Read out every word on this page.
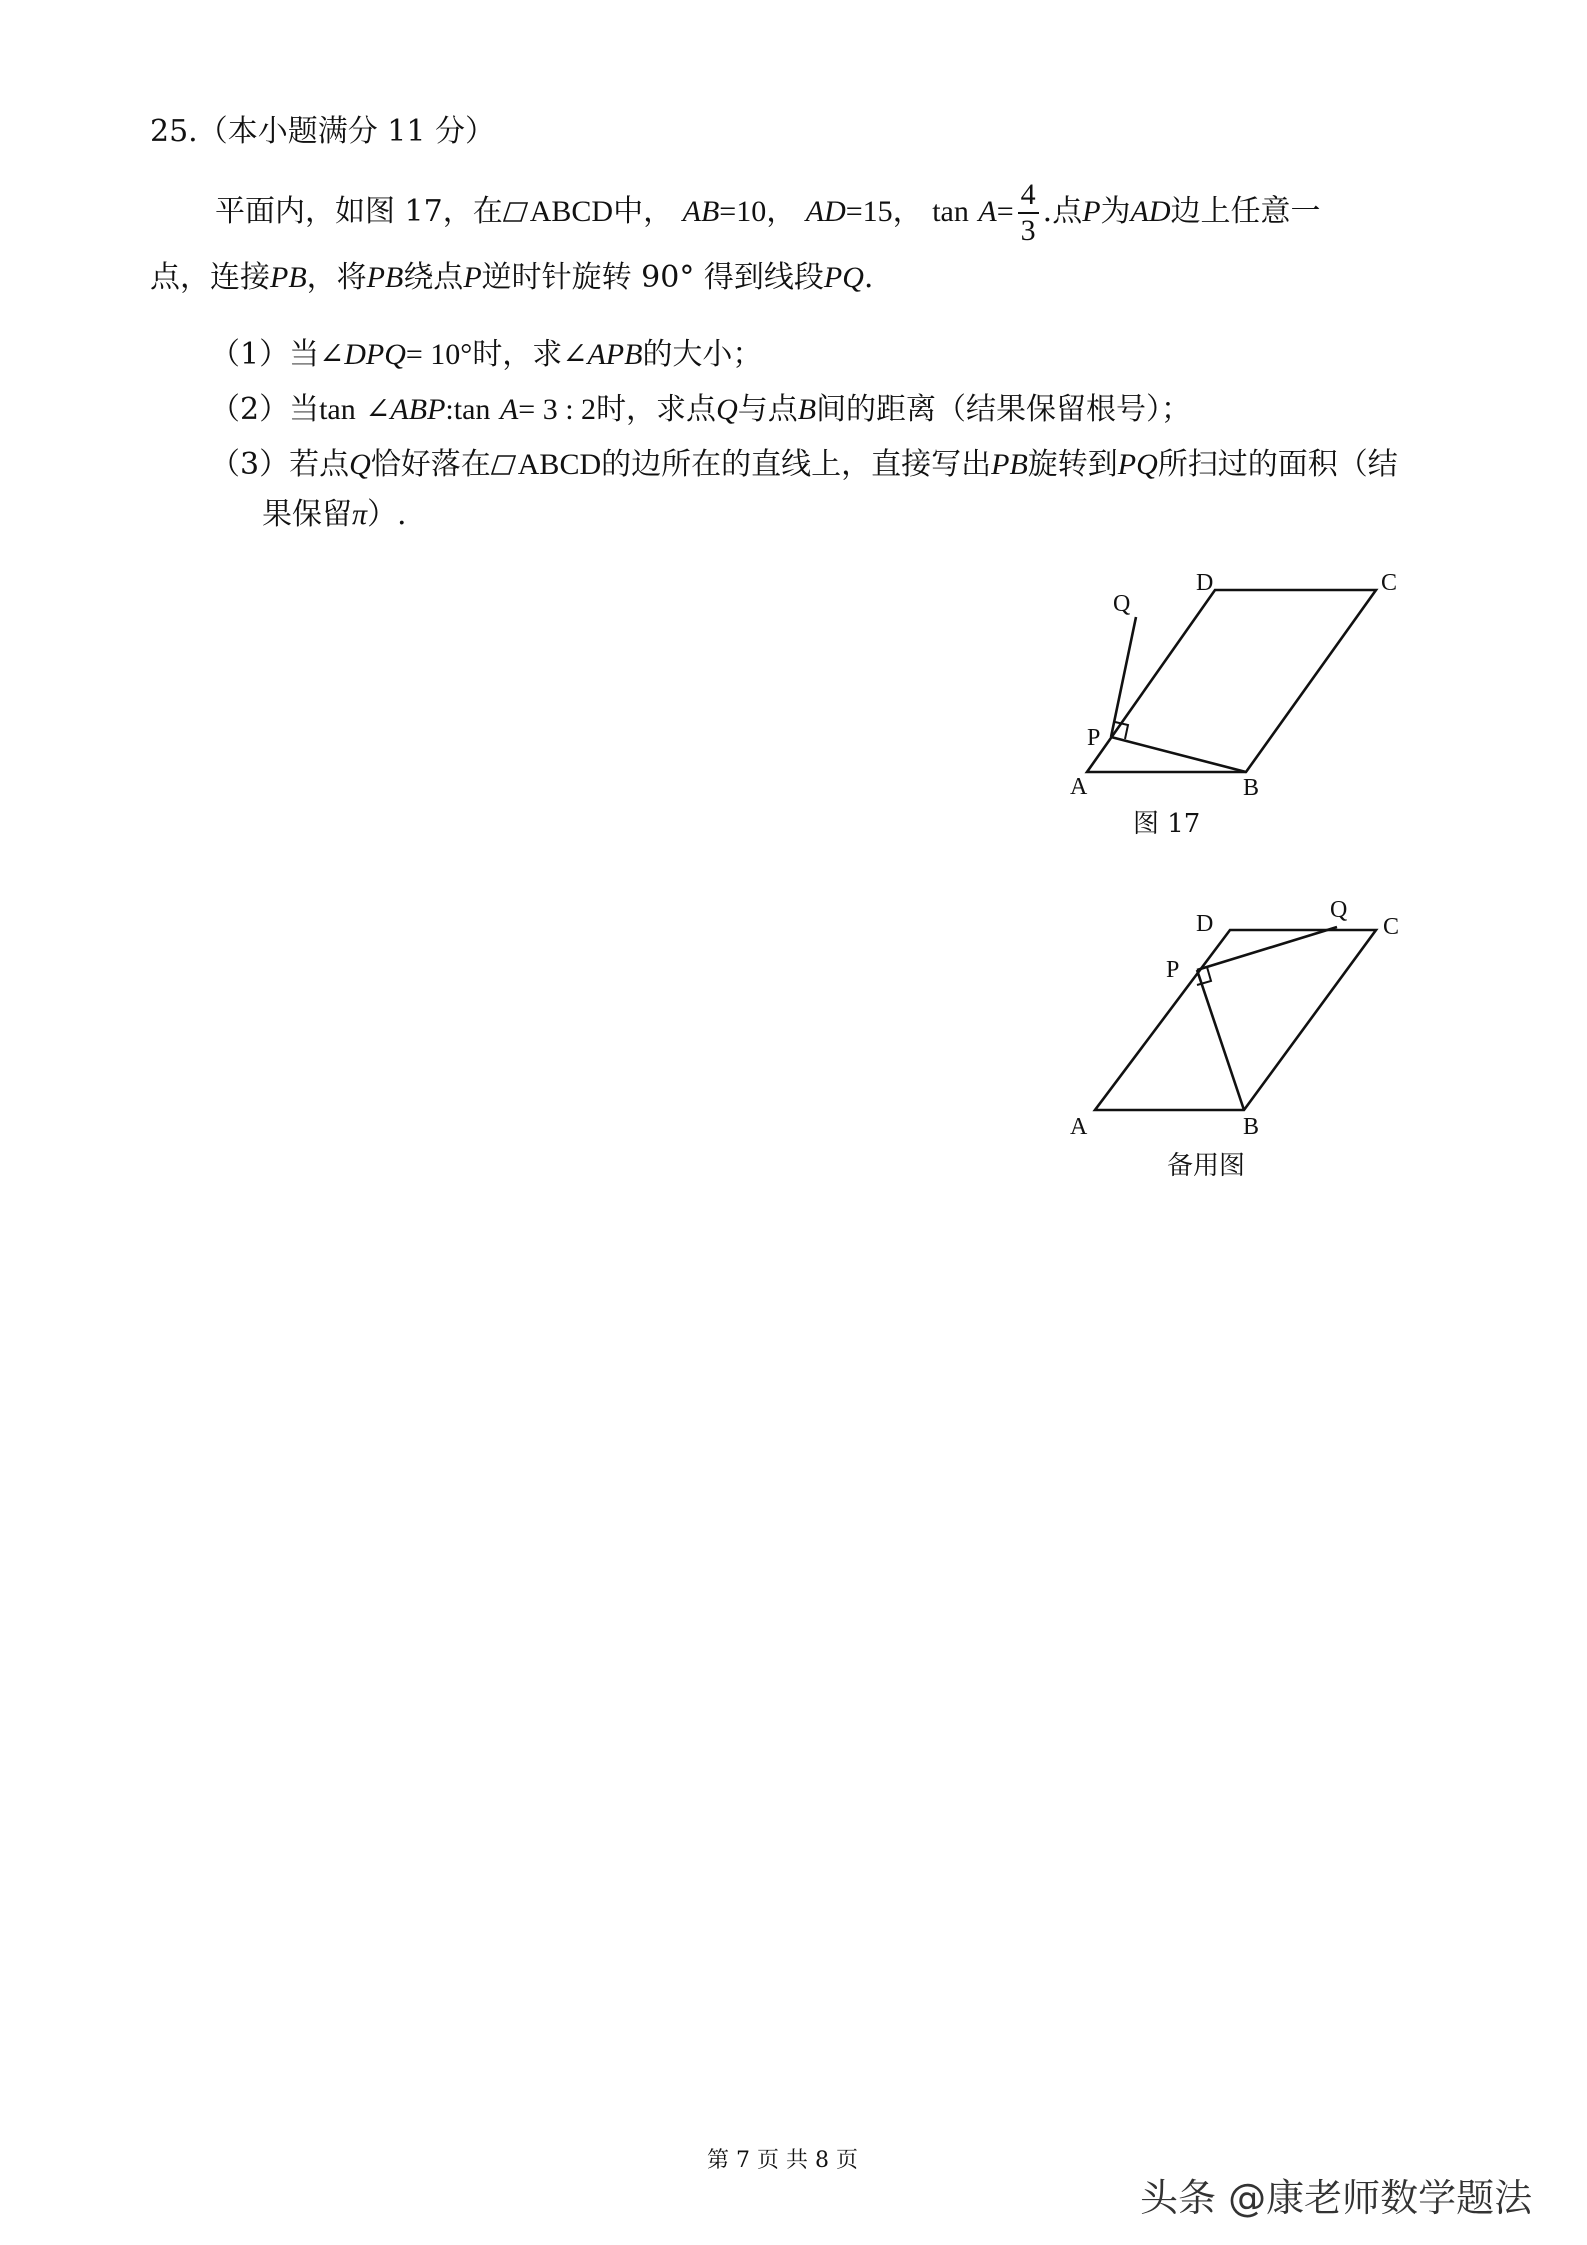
25.（本小题满分 11 分）
平面内，如图 17，在 ABCD中， AB=10， AD=15， $\tan A= \frac{4}{3}$ .点P为AD边上任意一
点，连接PB，将PB绕点P逆时针旋转 90° 得到线段PQ.
（1）当∠DPQ= 10°时，求∠APB的大小；
（2）当tan ∠ABP:tan A= 3 : 2时，求点Q与点B间的距离（结果保留根号）；
（3）若点Q恰好落在 ABCD的边所在的直线上，直接写出PB旋转到PQ所扫过的面积（结
果保留π）.
Q
D	C
P
A	B
图 17
D
Q
C
P
A	B
备用图
第 7 页 共 8 页
头条 @康老师数学题法
